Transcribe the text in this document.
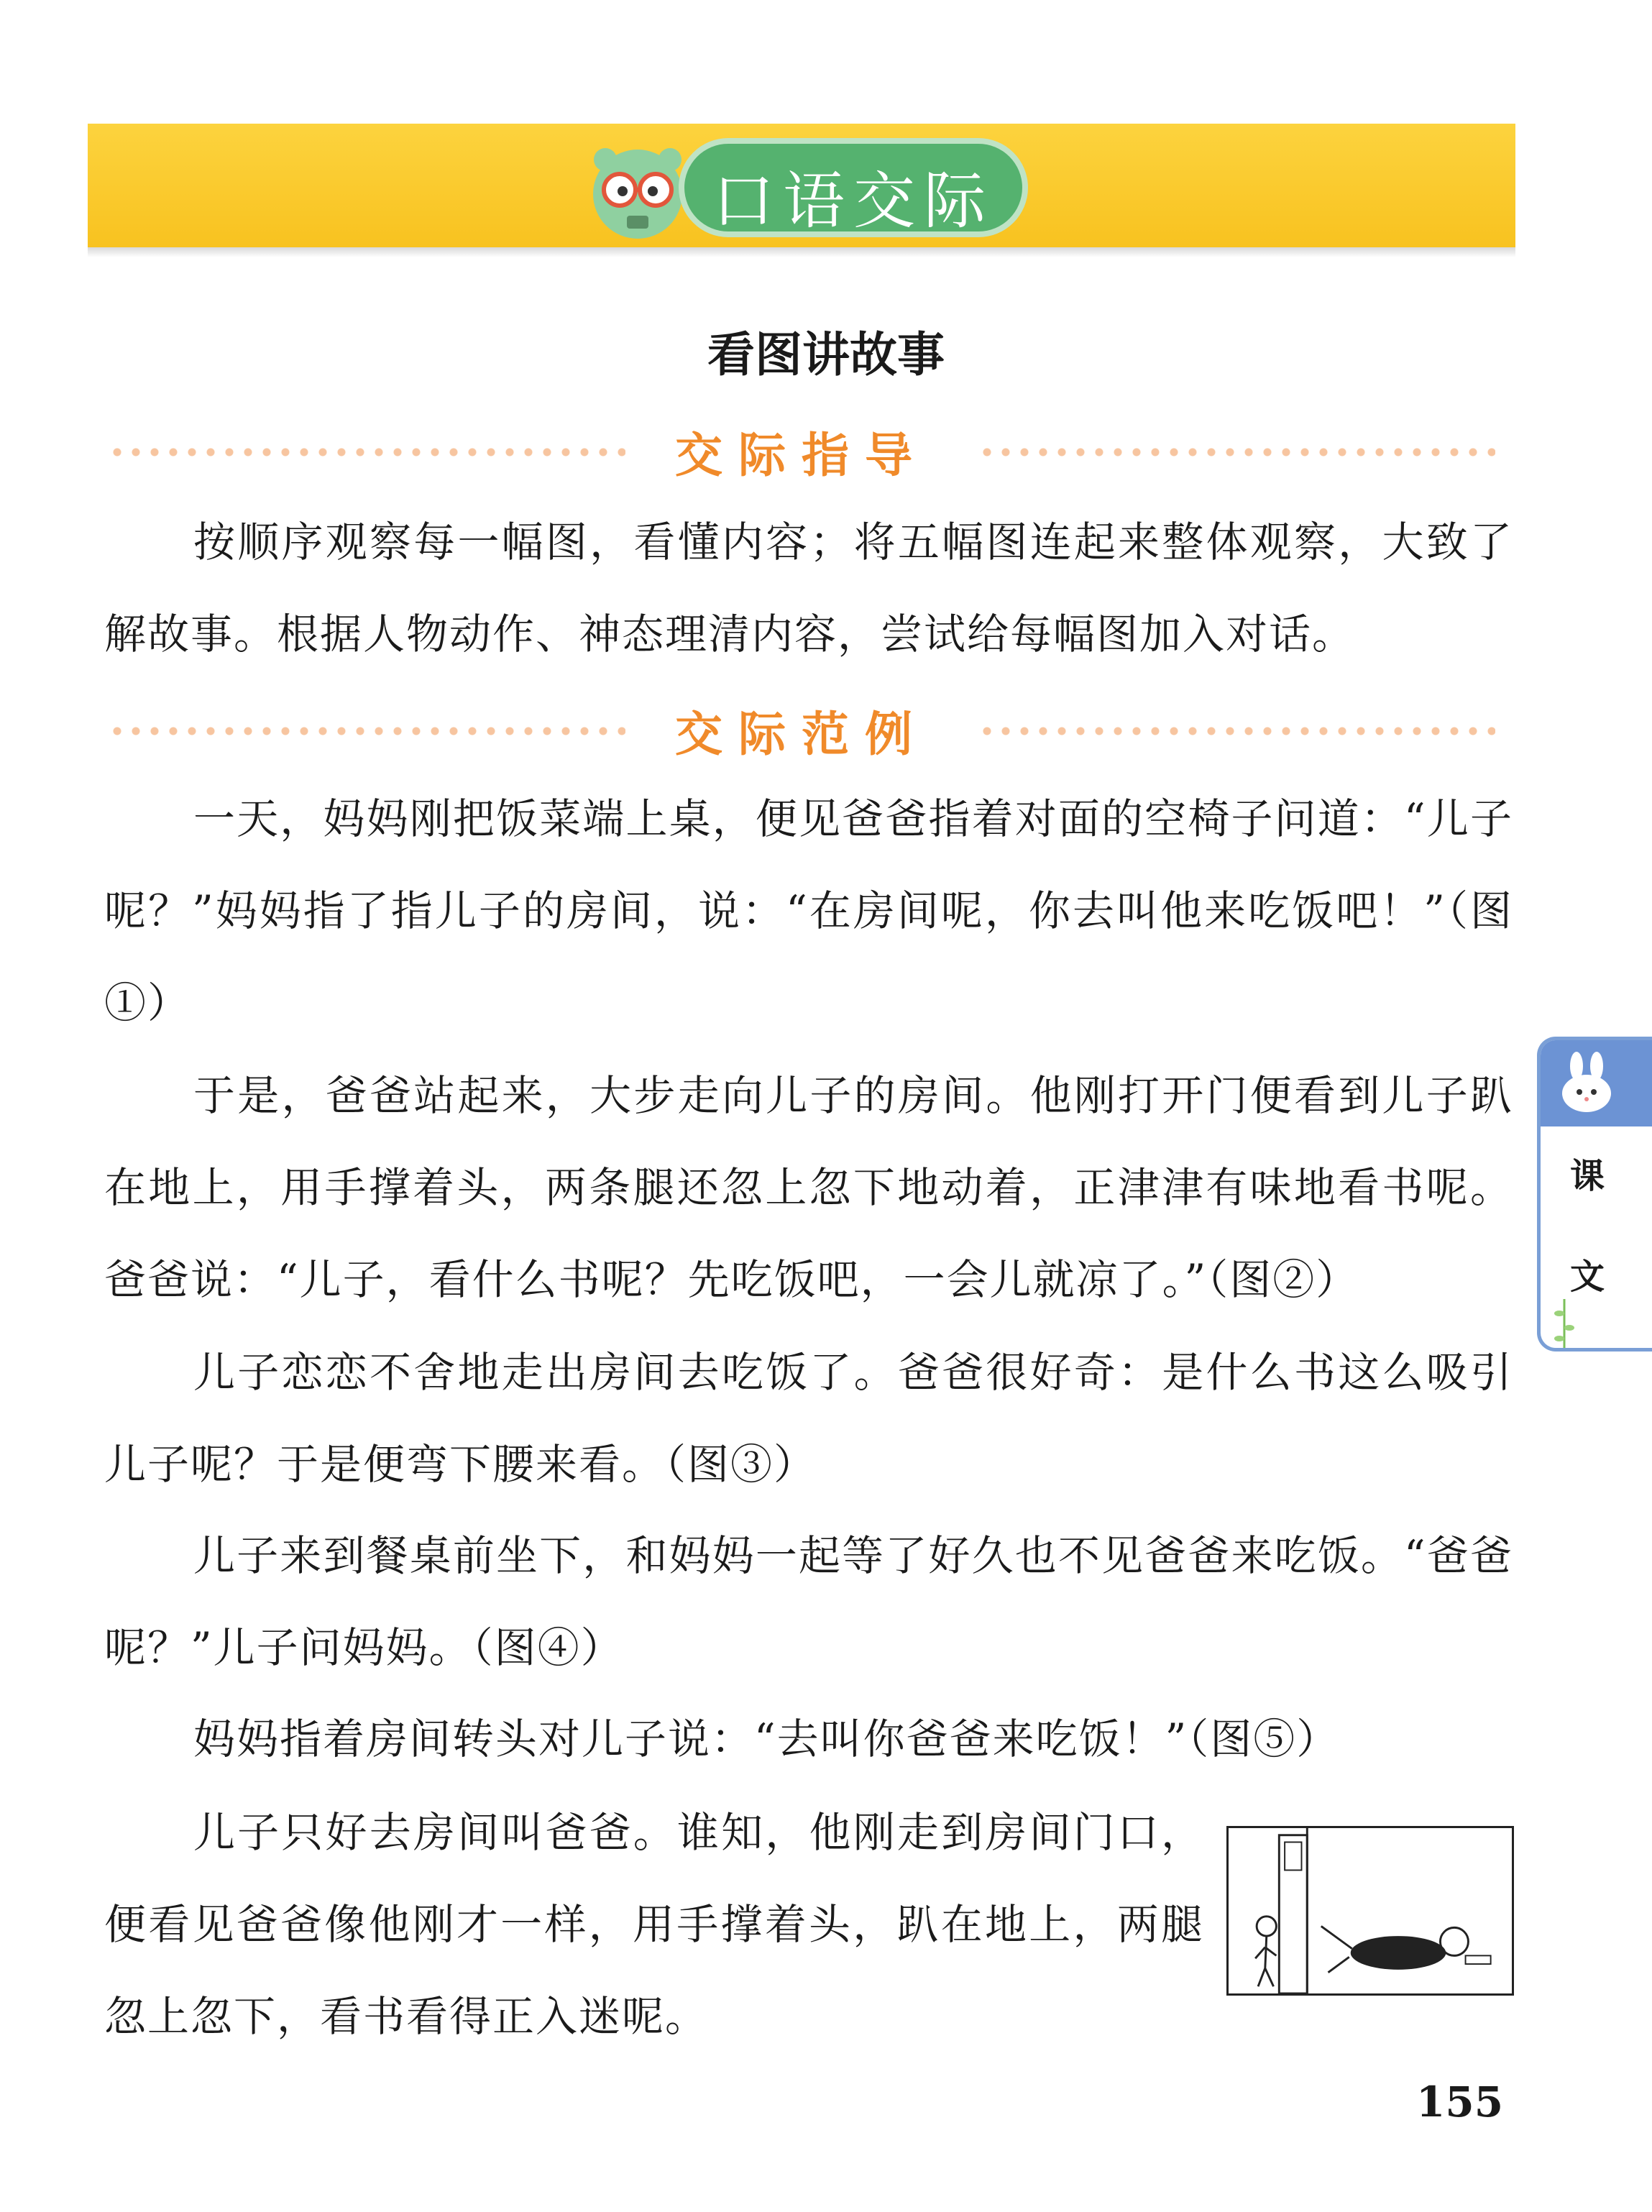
口语交际
看图讲故事
交际指导

按顺序观察每一幅图，看懂内容；将五幅图连起来整体观察，大致了解故事。根据人物动作、神态理清内容，尝试给每幅图加入对话。

交际范例

一天，妈妈刚把饭菜端上桌，便见爸爸指着对面的空椅子问道：“儿子呢？”妈妈指了指儿子的房间，说：“在房间呢，你去叫他来吃饭吧！”（图①）

于是，爸爸站起来，大步走向儿子的房间。他刚打开门便看到儿子趴在地上，用手撑着头，两条腿还忽上忽下地动着，正津津有味地看书呢。爸爸说：“儿子，看什么书呢？先吃饭吧，一会儿就凉了。”（图②）

儿子恋恋不舍地走出房间去吃饭了。爸爸很好奇：是什么书这么吸引儿子呢？于是便弯下腰来看。（图③）

儿子来到餐桌前坐下，和妈妈一起等了好久也不见爸爸来吃饭。“爸爸呢？”儿子问妈妈。（图④）

妈妈指着房间转头对儿子说：“去叫你爸爸来吃饭！”（图⑤）

儿子只好去房间叫爸爸。谁知，他刚走到房间门口，便看见爸爸像他刚才一样，用手撑着头，趴在地上，两腿忽上忽下，看书看得正入迷呢。

课
文
155
